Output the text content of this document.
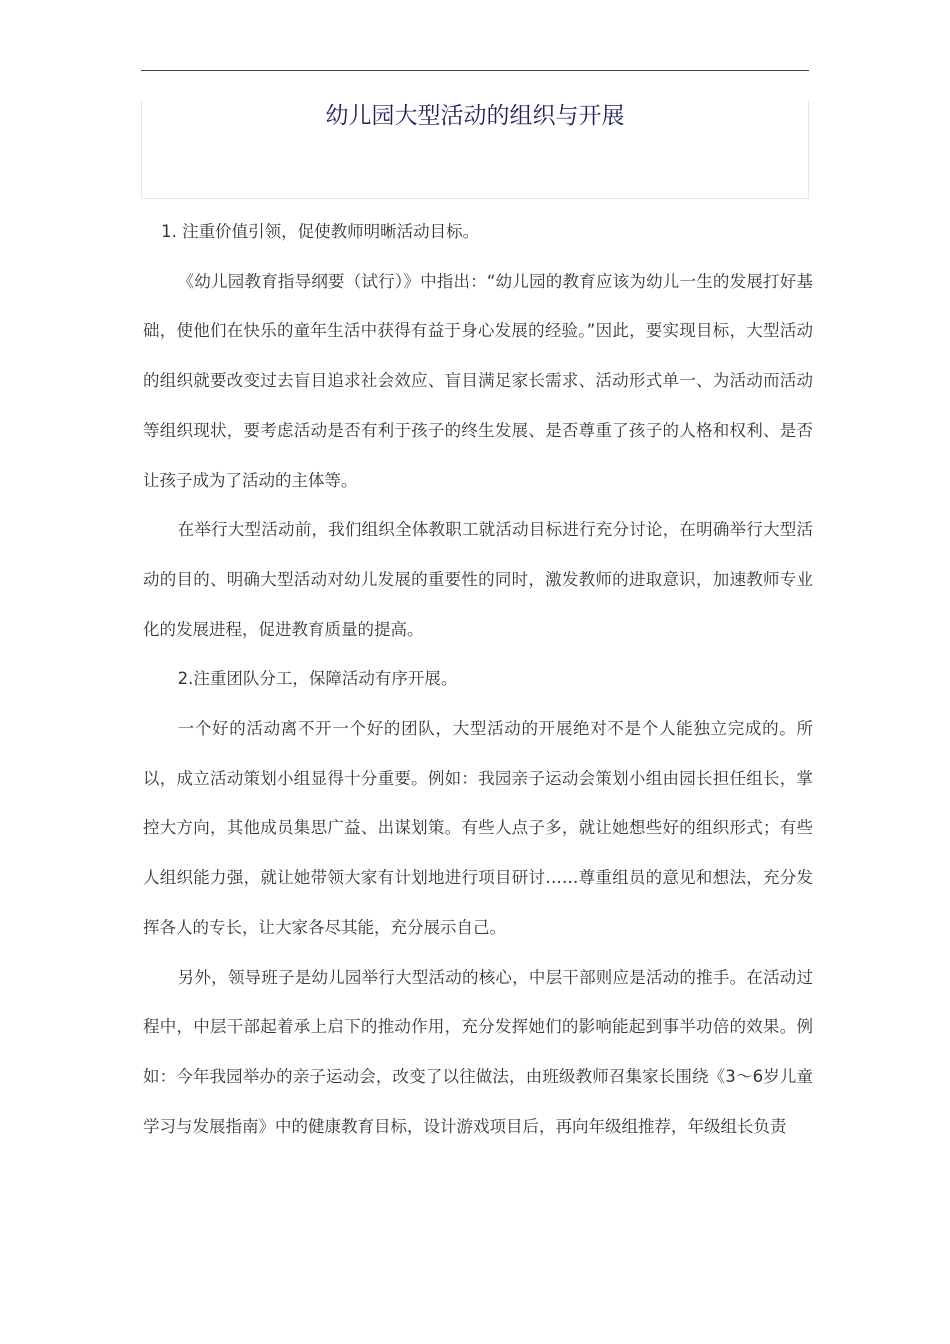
幼儿园大型活动的组织与开展

1. 注重价值引领，促使教师明晰活动目标。

《幼儿园教育指导纲要（试行）》中指出：“幼儿园的教育应该为幼儿一生的发展打好基础，使他们在快乐的童年生活中获得有益于身心发展的经验。”因此，要实现目标，大型活动的组织就要改变过去盲目追求社会效应、盲目满足家长需求、活动形式单一、为活动而活动等组织现状，要考虑活动是否有利于孩子的终生发展、是否尊重了孩子的人格和权利、是否让孩子成为了活动的主体等。

在举行大型活动前，我们组织全体教职工就活动目标进行充分讨论，在明确举行大型活动的目的、明确大型活动对幼儿发展的重要性的同时，激发教师的进取意识，加速教师专业化的发展进程，促进教育质量的提高。

2.注重团队分工，保障活动有序开展。

一个好的活动离不开一个好的团队，大型活动的开展绝对不是个人能独立完成的。所以，成立活动策划小组显得十分重要。例如：我园亲子运动会策划小组由园长担任组长，掌控大方向，其他成员集思广益、出谋划策。有些人点子多，就让她想些好的组织形式；有些人组织能力强，就让她带领大家有计划地进行项目研讨……尊重组员的意见和想法，充分发挥各人的专长，让大家各尽其能，充分展示自己。

另外，领导班子是幼儿园举行大型活动的核心，中层干部则应是活动的推手。在活动过程中，中层干部起着承上启下的推动作用，充分发挥她们的影响能起到事半功倍的效果。例如：今年我园举办的亲子运动会，改变了以往做法，由班级教师召集家长围绕《3～6岁儿童学习与发展指南》中的健康教育目标，设计游戏项目后，再向年级组推荐，年级组长负责
